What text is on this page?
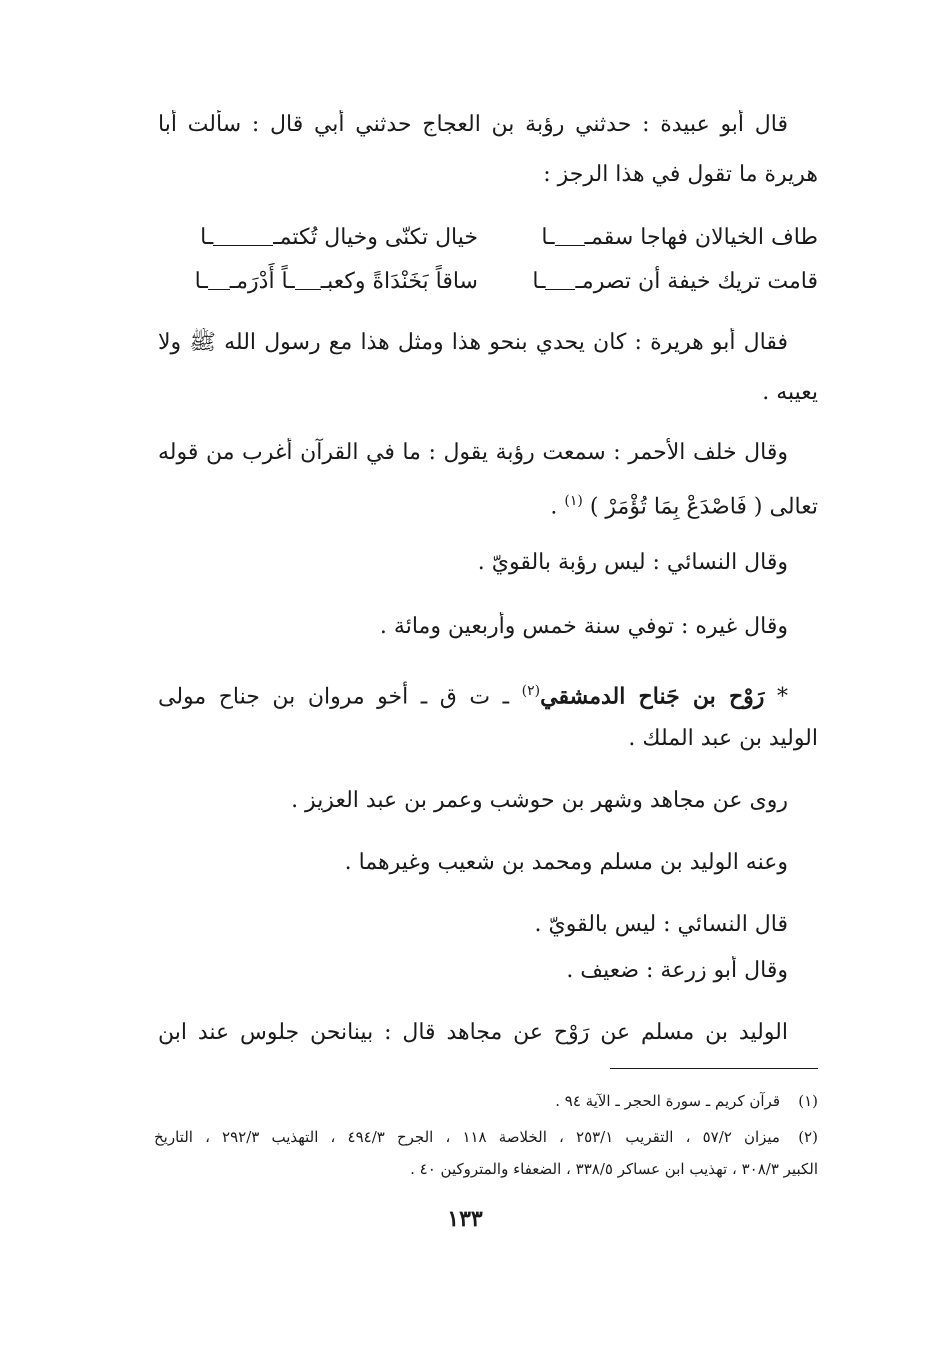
قال أبو عبيدة : حدثني رؤبة بن العجاج حدثني أبي قال : سألت أبا
هريرة ما تقول في هذا الرجز :
طاف الخيالان فهاجا سقمــا
خيال تكنّى وخيال تُكتمــا
قامت تريك خيفة أن تصرمــا
ساقاً بَخَنْدَاةً وكعبــاً أَدْرَمــا
فقال أبو هريرة : كان يحدي بنحو هذا ومثل هذا مع رسول الله ﷺ ولا
يعيبه .
وقال خلف الأحمر : سمعت رؤبة يقول : ما في القرآن أغرب من قوله
تعالى ( فَاصْدَعْ بِمَا تُؤْمَرْ ) $^{(١)}$ .
وقال النسائي : ليس رؤبة بالقويّ .
وقال غيره : توفي سنة خمس وأربعين ومائة .
* رَوْح بن جَناح الدمشقي$^{(٢)}$ ـ ت ق ـ أخو مروان بن جناح مولى
الوليد بن عبد الملك .
روى عن مجاهد وشهر بن حوشب وعمر بن عبد العزيز .
وعنه الوليد بن مسلم ومحمد بن شعيب وغيرهما .
قال النسائي : ليس بالقويّ .
وقال أبو زرعة : ضعيف .
الوليد بن مسلم عن رَوْح عن مجاهد قال : بينانحن جلوس عند ابن
(١)قرآن كريم ـ سورة الحجر ـ الآية ٩٤ .
(٢)ميزان ٥٧/٢ ، التقريب ٢٥٣/١ ، الخلاصة ١١٨ ، الجرح ٤٩٤/٣ ، التهذيب ٢٩٢/٣ ، التاريخ
الكبير ٣٠٨/٣ ، تهذيب ابن عساكر ٣٣٨/٥ ، الضعفاء والمتروكين ٤٠ .
١٣٣
